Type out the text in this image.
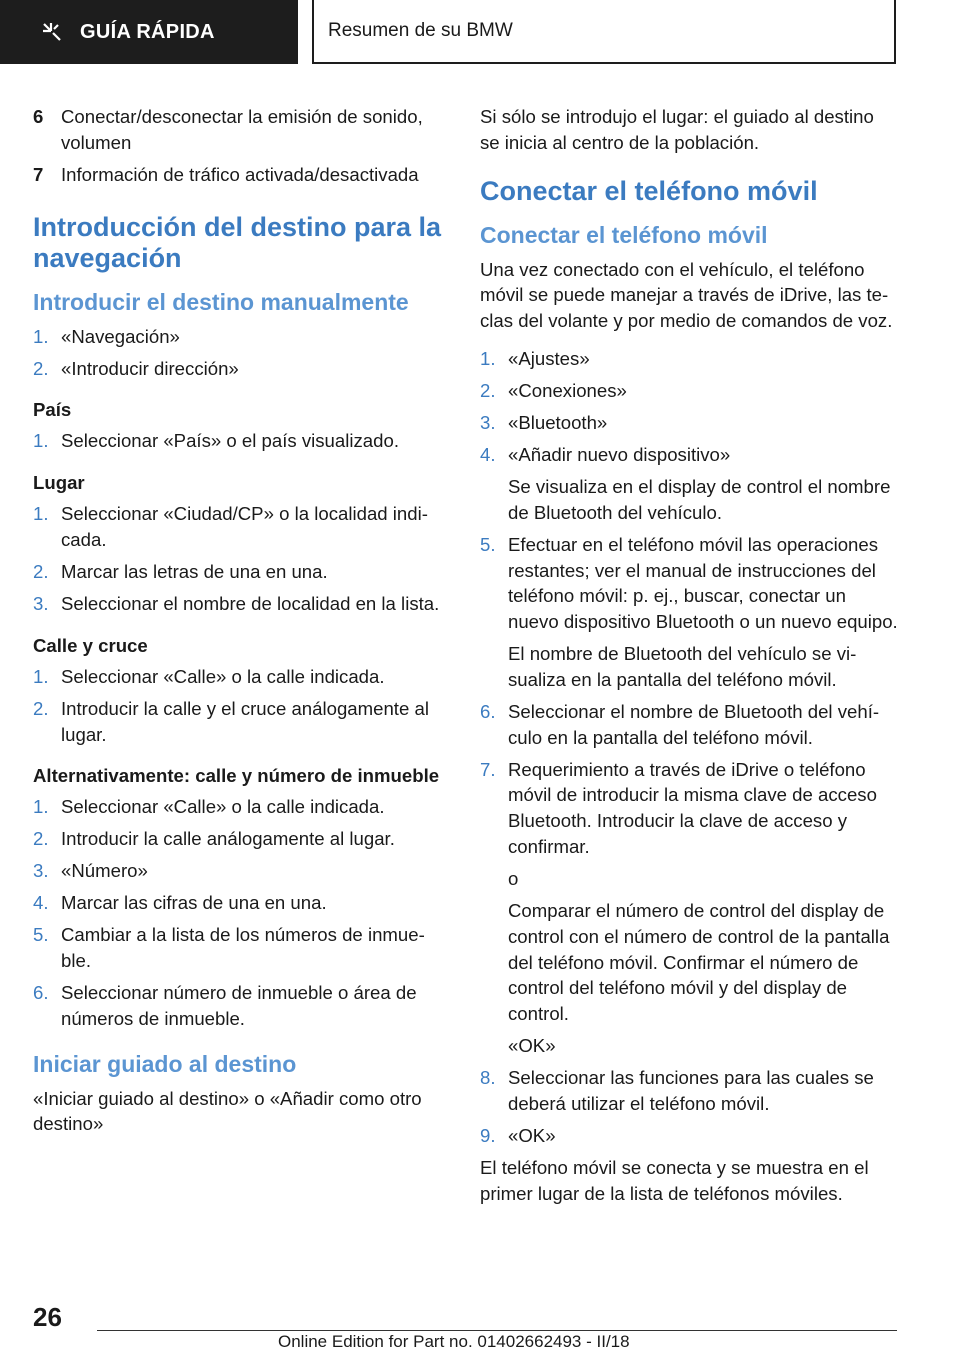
GUÍA RÁPIDA	Resumen de su BMW
6 Conectar/desconectar la emisión de sonido, volumen
7 Información de tráfico activada/desactivada
Introducción del destino para la navegación
Introducir el destino manualmente
1. «Navegación»
2. «Introducir dirección»
País
1. Seleccionar «País» o el país visualizado.
Lugar
1. Seleccionar «Ciudad/CP» o la localidad indicada.
2. Marcar las letras de una en una.
3. Seleccionar el nombre de localidad en la lista.
Calle y cruce
1. Seleccionar «Calle» o la calle indicada.
2. Introducir la calle y el cruce análogamente al lugar.
Alternativamente: calle y número de inmueble
1. Seleccionar «Calle» o la calle indicada.
2. Introducir la calle análogamente al lugar.
3. «Número»
4. Marcar las cifras de una en una.
5. Cambiar a la lista de los números de inmueble.
6. Seleccionar número de inmueble o área de números de inmueble.
Iniciar guiado al destino
«Iniciar guiado al destino» o «Añadir como otro destino»
Si sólo se introdujo el lugar: el guiado al destino se inicia al centro de la población.
Conectar el teléfono móvil
Conectar el teléfono móvil
Una vez conectado con el vehículo, el teléfono móvil se puede manejar a través de iDrive, las teclas del volante y por medio de comandos de voz.
1. «Ajustes»
2. «Conexiones»
3. «Bluetooth»
4. «Añadir nuevo dispositivo»
Se visualiza en el display de control el nombre de Bluetooth del vehículo.
5. Efectuar en el teléfono móvil las operaciones restantes; ver el manual de instrucciones del teléfono móvil: p. ej., buscar, conectar un nuevo dispositivo Bluetooth o un nuevo equipo.
El nombre de Bluetooth del vehículo se visualiza en la pantalla del teléfono móvil.
6. Seleccionar el nombre de Bluetooth del vehículo en la pantalla del teléfono móvil.
7. Requerimiento a través de iDrive o teléfono móvil de introducir la misma clave de acceso Bluetooth. Introducir la clave de acceso y confirmar.
o
Comparar el número de control del display de control con el número de control de la pantalla del teléfono móvil. Confirmar el número de control del teléfono móvil y del display de control.
«OK»
8. Seleccionar las funciones para las cuales se deberá utilizar el teléfono móvil.
9. «OK»
El teléfono móvil se conecta y se muestra en el primer lugar de la lista de teléfonos móviles.
26
Online Edition for Part no. 01402662493 - II/18
